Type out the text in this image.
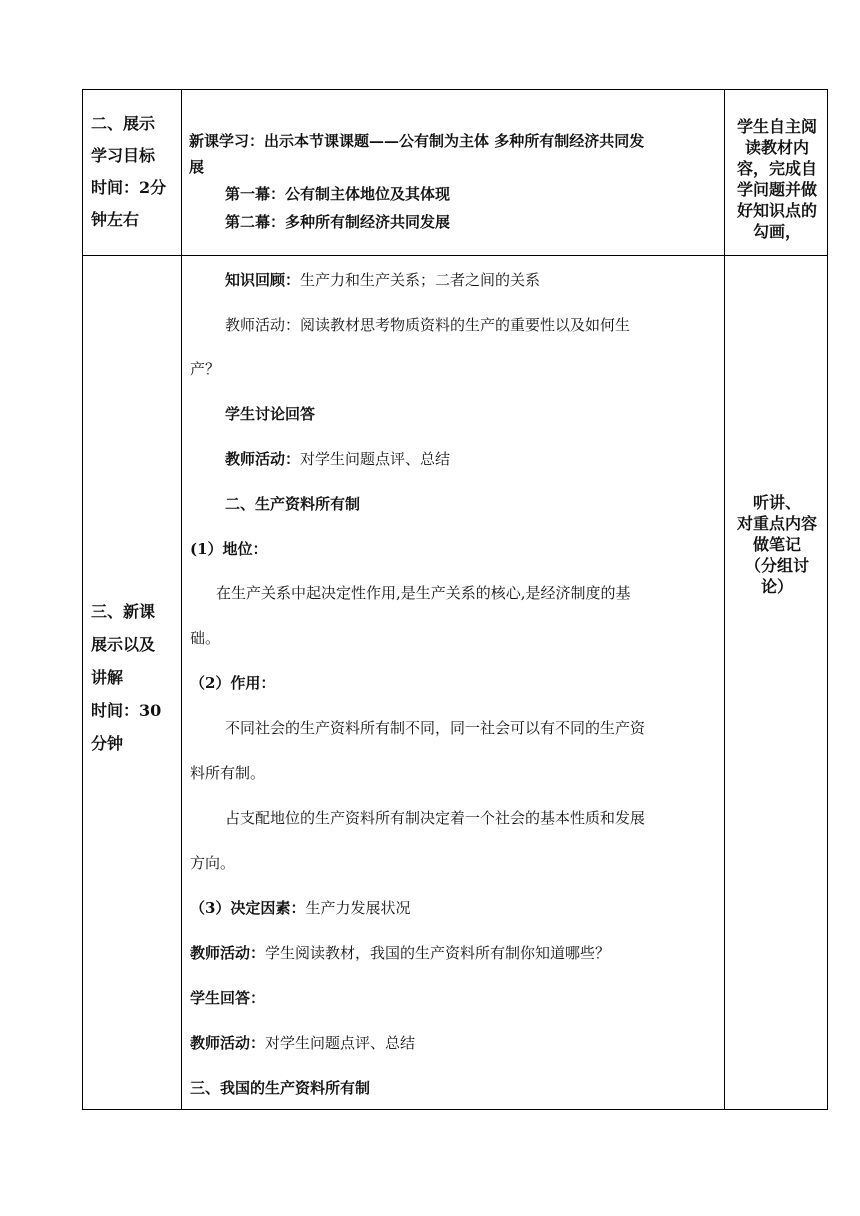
二、展示
学习目标
时间：2分
钟左右
新课学习：出示本节课课题——公有制为主体 多种所有制经济共同发
展
第一幕：公有制主体地位及其体现
第二幕：多种所有制经济共同发展
学生自主阅
读教材内
容，完成自
学问题并做
好知识点的
勾画，
三、新课
展示以及
讲解
时间：30
分钟
知识回顾：生产力和生产关系；二者之间的关系
教师活动：阅读教材思考物质资料的生产的重要性以及如何生
产？
学生讨论回答
教师活动：对学生问题点评、总结
二、生产资料所有制
(1）地位：
在生产关系中起决定性作用,是生产关系的核心,是经济制度的基
础。
（2）作用：
不同社会的生产资料所有制不同，同一社会可以有不同的生产资
料所有制。
占支配地位的生产资料所有制决定着一个社会的基本性质和发展
方向。
（3）决定因素：生产力发展状况
教师活动：学生阅读教材，我国的生产资料所有制你知道哪些？
学生回答：
教师活动：对学生问题点评、总结
三、我国的生产资料所有制
听讲、
对重点内容
做笔记
（分组讨
论）
